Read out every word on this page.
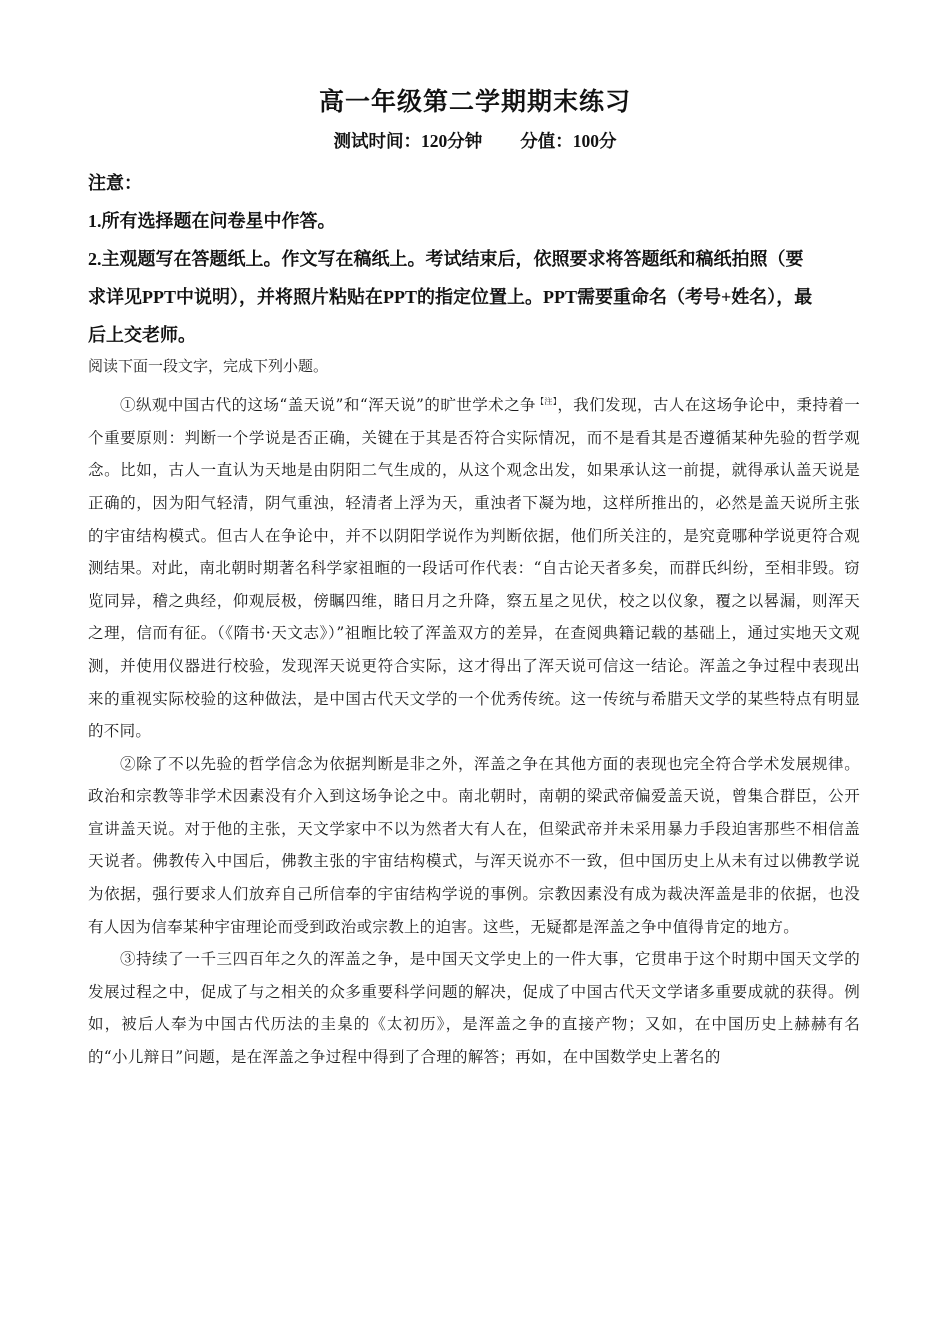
高一年级第二学期期末练习
测试时间：120分钟 分值：100分

注意：

1.所有选择题在问卷星中作答。

2.主观题写在答题纸上。作文写在稿纸上。考试结束后，依照要求将答题纸和稿纸拍照（要

求详见PPT中说明），并将照片粘贴在PPT的指定位置上。PPT需要重命名（考号+姓名），最

后上交老师。

阅读下面一段文字，完成下列小题。

①纵观中国古代的这场“盖天说”和“浑天说”的旷世学术之争$^{【注】}$，我们发现，古人在这场争论中，秉持着一个重要原则：判断一个学说是否正确，关键在于其是否符合实际情况，而不是看其是否遵循某种先验的哲学观念。比如，古人一直认为天地是由阴阳二气生成的，从这个观念出发，如果承认这一前提，就得承认盖天说是正确的，因为阳气轻清，阴气重浊，轻清者上浮为天，重浊者下凝为地，这样所推出的，必然是盖天说所主张的宇宙结构模式。但古人在争论中，并不以阴阳学说作为判断依据，他们所关注的，是究竟哪种学说更符合观测结果。对此，南北朝时期著名科学家祖暅的一段话可作代表：“自古论天者多矣，而群氏纠纷，至相非毁。窃览同异，稽之典经，仰观辰极，傍瞩四维，睹日月之升降，察五星之见伏，校之以仪象，覆之以晷漏，则浑天之理，信而有征。（《隋书·天文志》）”祖暅比较了浑盖双方的差异，在查阅典籍记载的基础上，通过实地天文观测，并使用仪器进行校验，发现浑天说更符合实际，这才得出了浑天说可信这一结论。浑盖之争过程中表现出来的重视实际校验的这种做法，是中国古代天文学的一个优秀传统。这一传统与希腊天文学的某些特点有明显的不同。

②除了不以先验的哲学信念为依据判断是非之外，浑盖之争在其他方面的表现也完全符合学术发展规律。政治和宗教等非学术因素没有介入到这场争论之中。南北朝时，南朝的梁武帝偏爱盖天说，曾集合群臣，公开宣讲盖天说。对于他的主张，天文学家中不以为然者大有人在，但梁武帝并未采用暴力手段迫害那些不相信盖天说者。佛教传入中国后，佛教主张的宇宙结构模式，与浑天说亦不一致，但中国历史上从未有过以佛教学说为依据，强行要求人们放弃自己所信奉的宇宙结构学说的事例。宗教因素没有成为裁决浑盖是非的依据，也没有人因为信奉某种宇宙理论而受到政治或宗教上的迫害。这些，无疑都是浑盖之争中值得肯定的地方。

③持续了一千三四百年之久的浑盖之争，是中国天文学史上的一件大事，它贯串于这个时期中国天文学的发展过程之中，促成了与之相关的众多重要科学问题的解决，促成了中国古代天文学诸多重要成就的获得。例如，被后人奉为中国古代历法的圭臬的《太初历》，是浑盖之争的直接产物；又如，在中国历史上赫赫有名的“小儿辩日”问题，是在浑盖之争过程中得到了合理的解答；再如，在中国数学史上著名的
